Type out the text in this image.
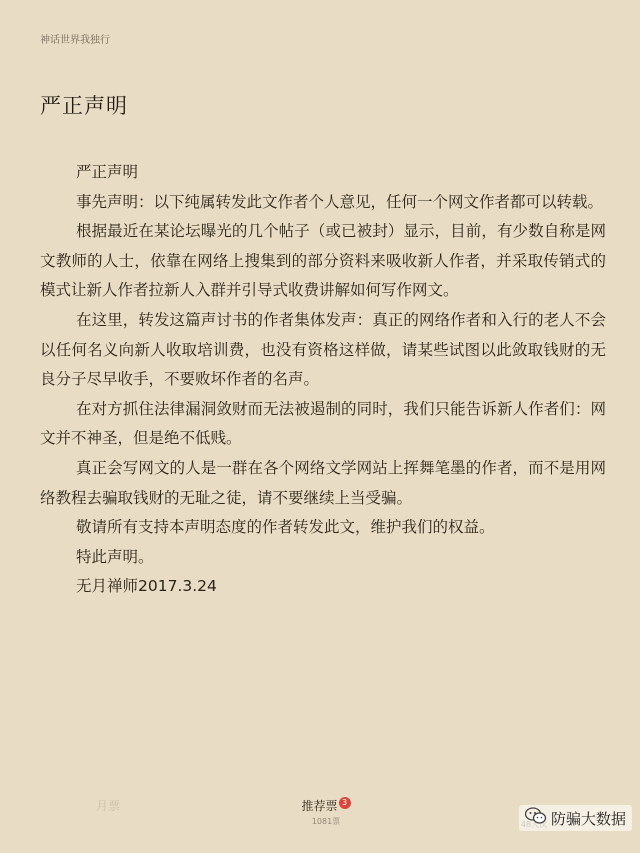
神话世界我独行
严正声明

严正声明

事先声明：以下纯属转发此文作者个人意见，任何一个网文作者都可以转载。

根据最近在某论坛曝光的几个帖子（或已被封）显示，目前，有少数自称是网文教师的人士，依靠在网络上搜集到的部分资料来吸收新人作者，并采取传销式的模式让新人作者拉新人入群并引导式收费讲解如何写作网文。

在这里，转发这篇声讨书的作者集体发声：真正的网络作者和入行的老人不会以任何名义向新人收取培训费，也没有资格这样做，请某些试图以此敛取钱财的无良分子尽早收手，不要败坏作者的名声。

在对方抓住法律漏洞敛财而无法被遏制的同时，我们只能告诉新人作者们：网文并不神圣，但是绝不低贱。

真正会写网文的人是一群在各个网络文学网站上挥舞笔墨的作者，而不是用网络教程去骗取钱财的无耻之徒，请不要继续上当受骗。

敬请所有支持本声明态度的作者转发此文，维护我们的权益。

特此声明。

无月禅师2017.3.24

月票	推荐票 3
1081票	防骗大数据
